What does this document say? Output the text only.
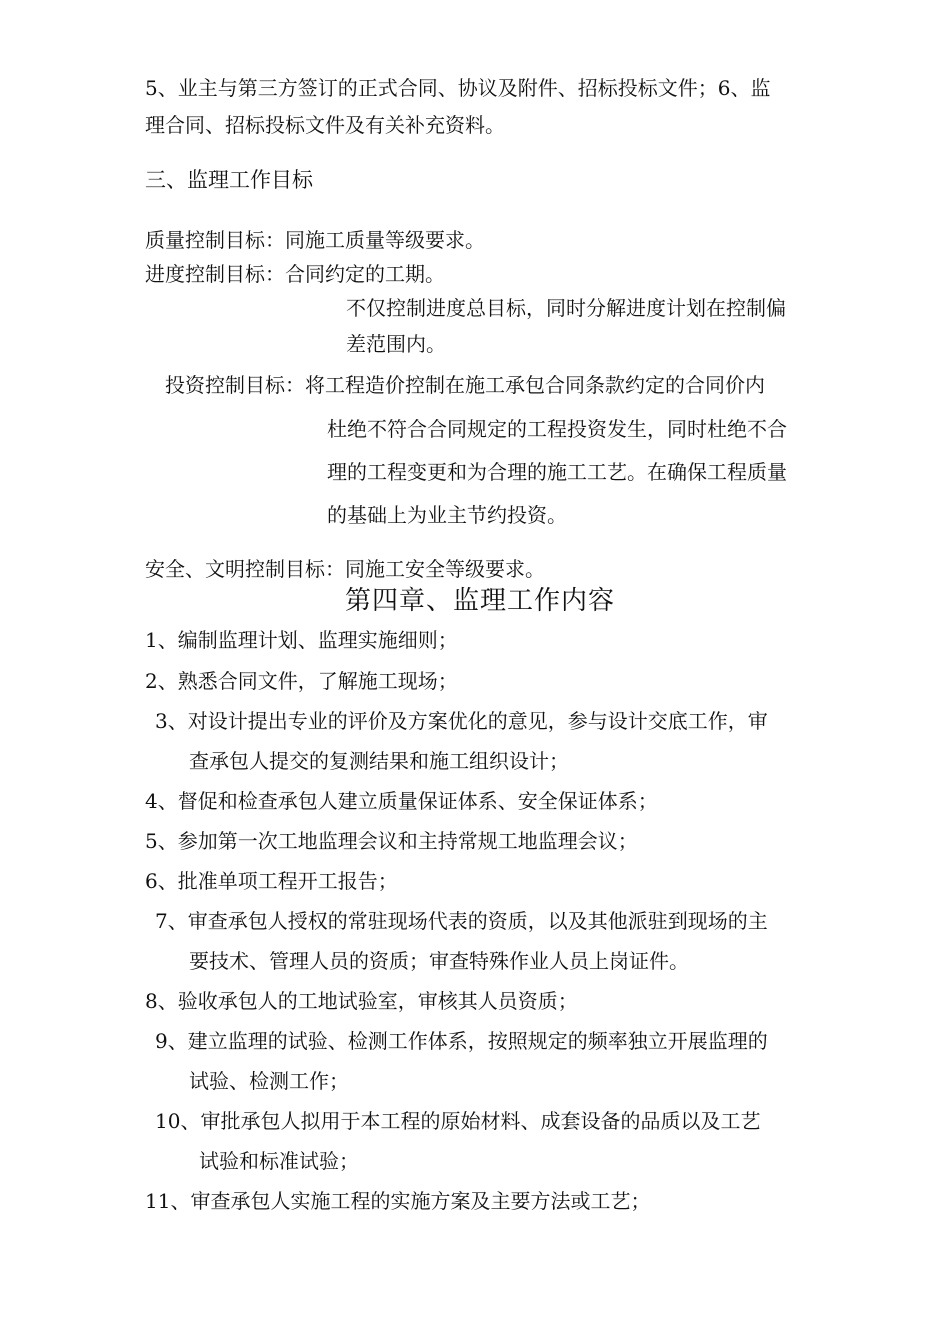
5、业主与第三方签订的正式合同、协议及附件、招标投标文件；6、监
理合同、招标投标文件及有关补充资料。
三、监理工作目标
质量控制目标：同施工质量等级要求。
进度控制目标：合同约定的工期。
不仅控制进度总目标，同时分解进度计划在控制偏
差范围内。
投资控制目标：将工程造价控制在施工承包合同条款约定的合同价内
杜绝不符合合同规定的工程投资发生，同时杜绝不合
理的工程变更和为合理的施工工艺。在确保工程质量
的基础上为业主节约投资。
安全、文明控制目标：同施工安全等级要求。
第四章、监理工作内容
1、编制监理计划、监理实施细则；
2、熟悉合同文件，了解施工现场；
3、对设计提出专业的评价及方案优化的意见，参与设计交底工作，审
查承包人提交的复测结果和施工组织设计；
4、督促和检查承包人建立质量保证体系、安全保证体系；
5、参加第一次工地监理会议和主持常规工地监理会议；
6、批准单项工程开工报告；
7、审查承包人授权的常驻现场代表的资质，以及其他派驻到现场的主
要技术、管理人员的资质；审查特殊作业人员上岗证件。
8、验收承包人的工地试验室，审核其人员资质；
9、建立监理的试验、检测工作体系，按照规定的频率独立开展监理的
试验、检测工作；
10、审批承包人拟用于本工程的原始材料、成套设备的品质以及工艺
试验和标准试验；
11、审查承包人实施工程的实施方案及主要方法或工艺；
